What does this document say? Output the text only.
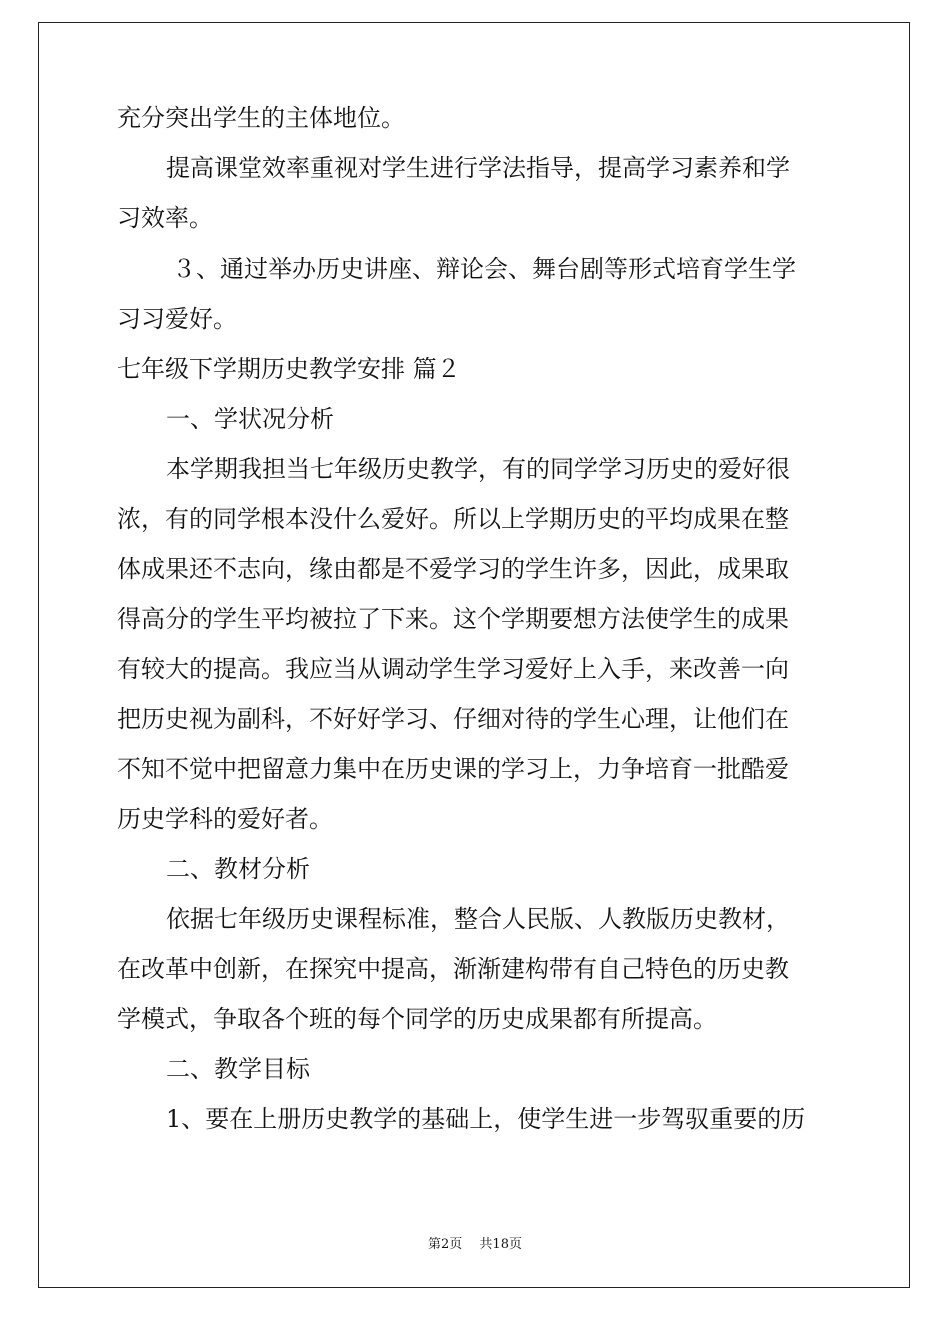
充分突出学生的主体地位。

提高课堂效率重视对学生进行学法指导，提高学习素养和学

习效率。

３、通过举办历史讲座、辩论会、舞台剧等形式培育学生学

习习爱好。

七年级下学期历史教学安排 篇２

一、学状况分析

本学期我担当七年级历史教学，有的同学学习历史的爱好很

浓，有的同学根本没什么爱好。所以上学期历史的平均成果在整

体成果还不志向，缘由都是不爱学习的学生许多，因此，成果取

得高分的学生平均被拉了下来。这个学期要想方法使学生的成果

有较大的提高。我应当从调动学生学习爱好上入手，来改善一向

把历史视为副科，不好好学习、仔细对待的学生心理，让他们在

不知不觉中把留意力集中在历史课的学习上，力争培育一批酷爱

历史学科的爱好者。

二、教材分析

依据七年级历史课程标准，整合人民版、人教版历史教材，

在改革中创新，在探究中提高，渐渐建构带有自己特色的历史教

学模式，争取各个班的每个同学的历史成果都有所提高。

二、教学目标

1、要在上册历史教学的基础上，使学生进一步驾驭重要的历

第2页　 共18页
